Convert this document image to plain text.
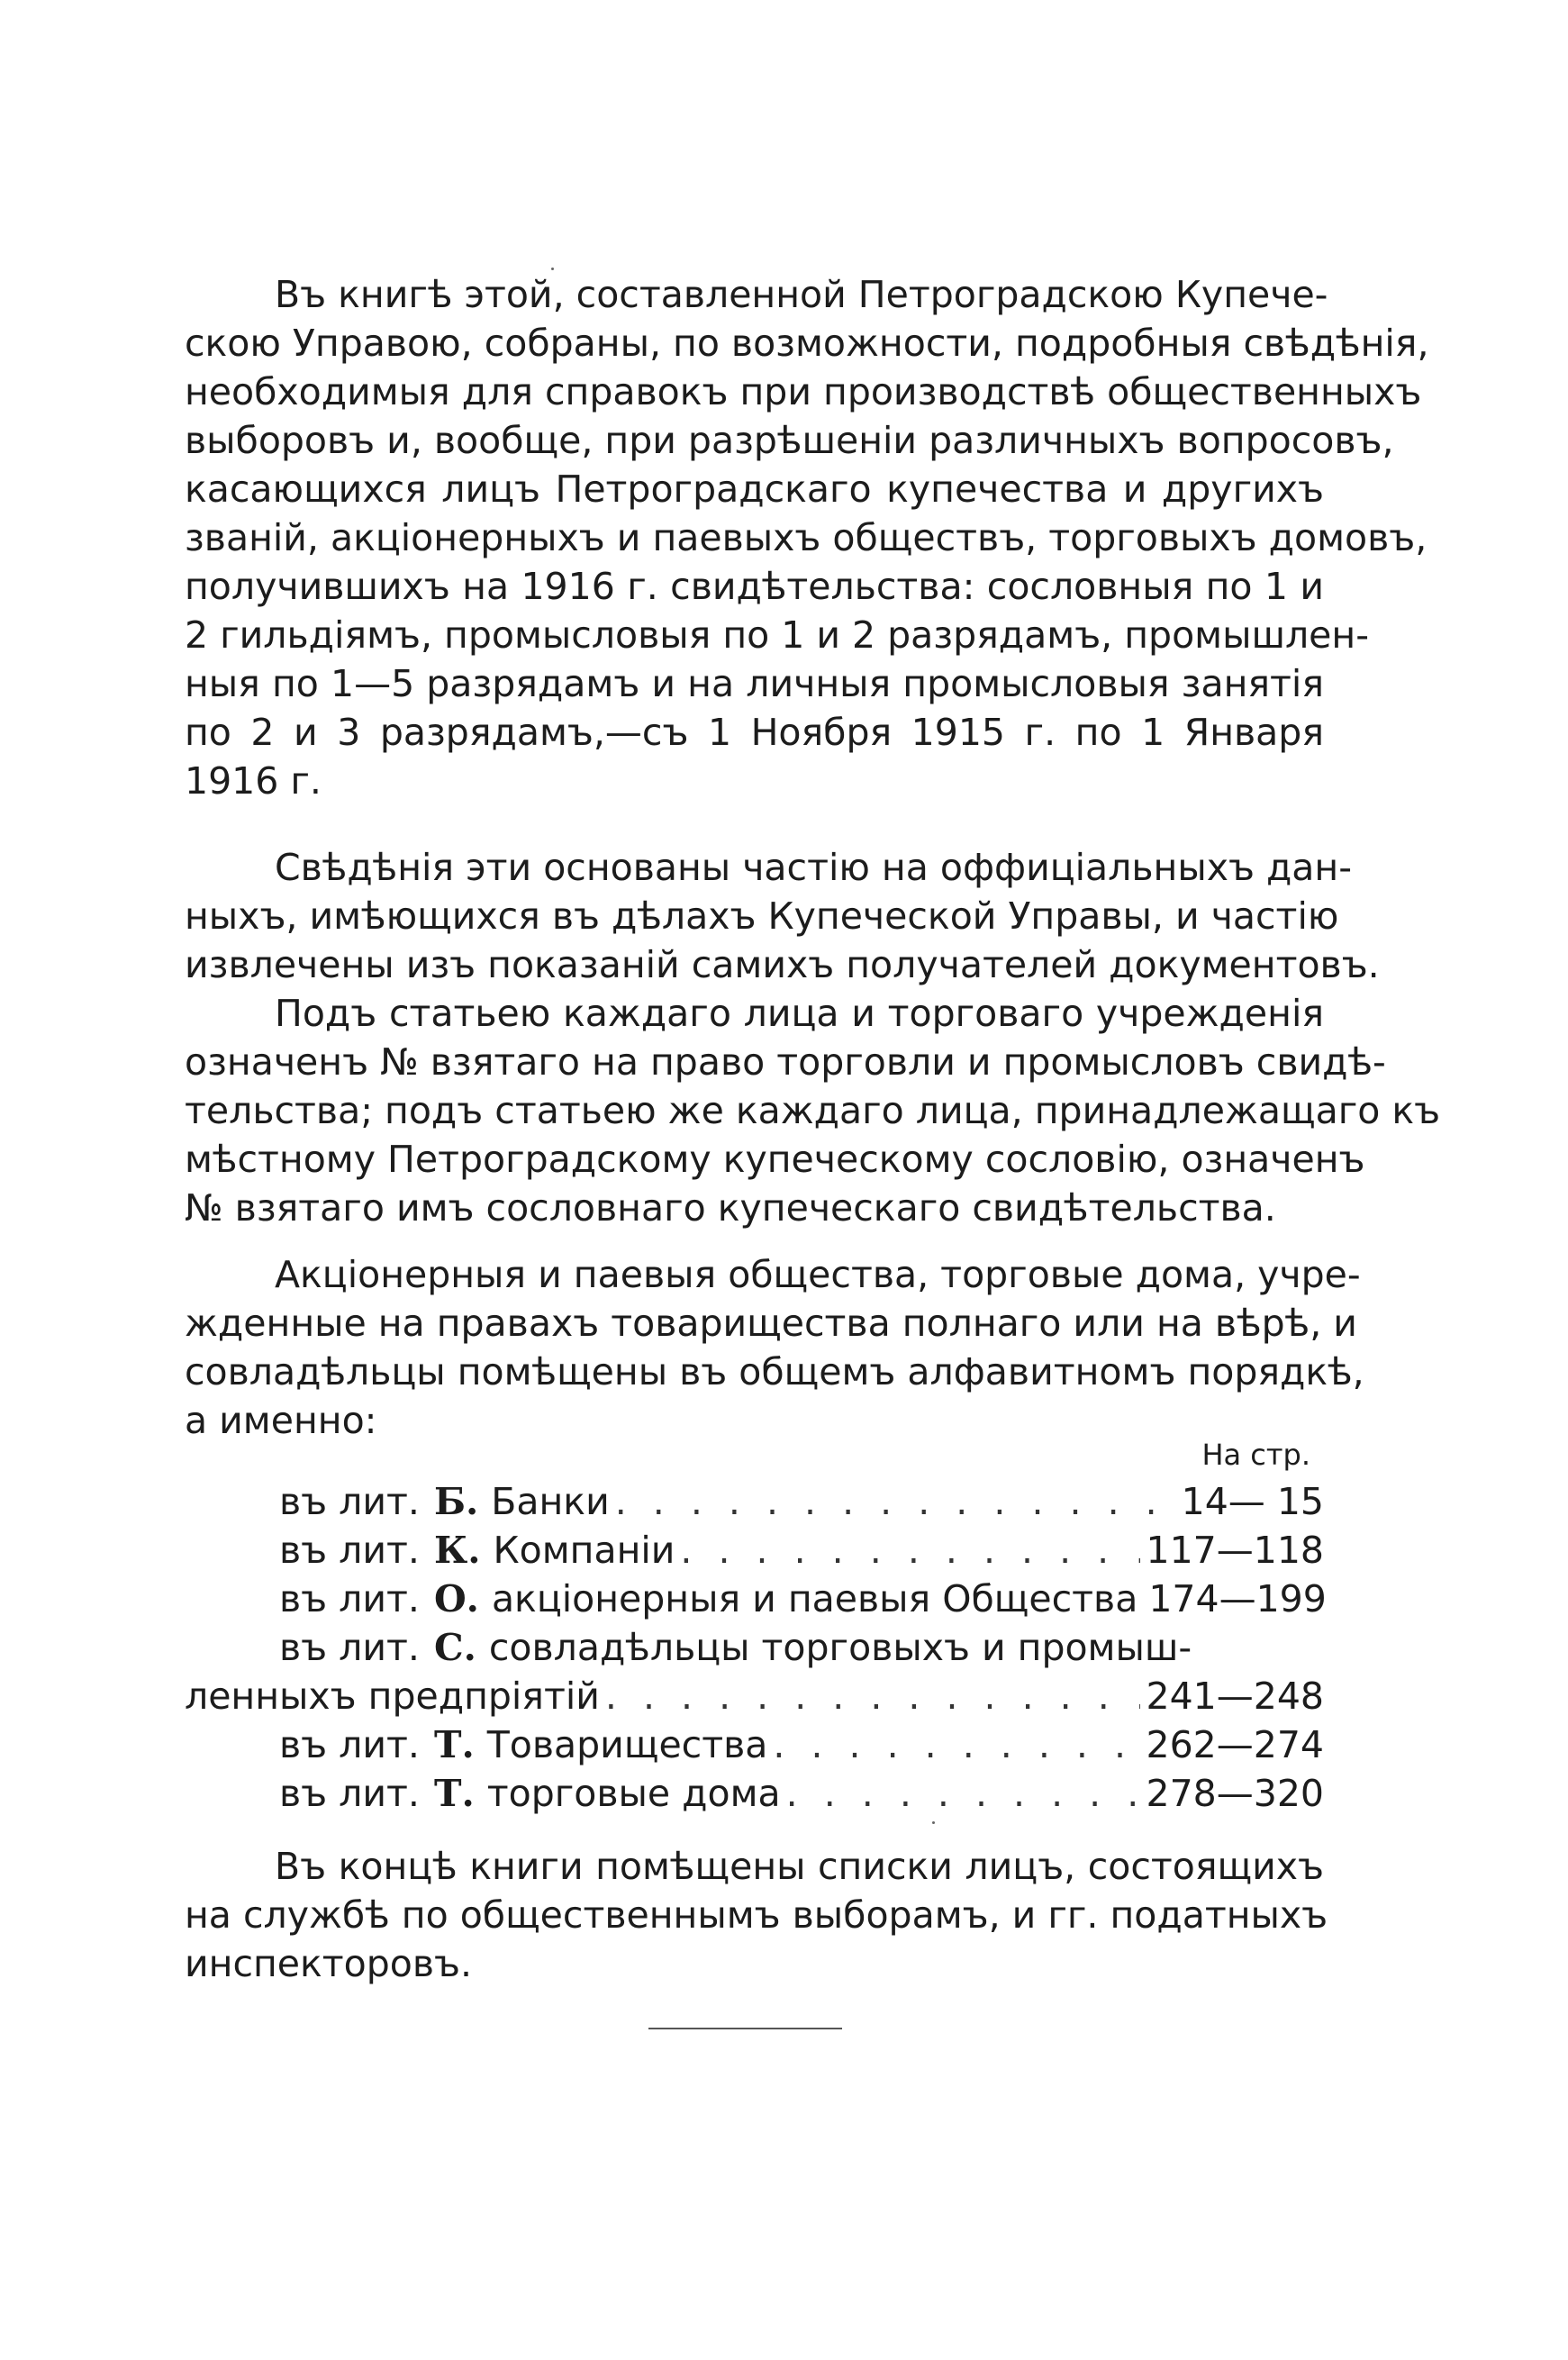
Въ книгѣ этой, составленной Петроградскою Купече-
скою Управою, собраны, по возможности, подробныя свѣдѣнія,
необходимыя для справокъ при производствѣ общественныхъ
выборовъ и, вообще, при разрѣшеніи различныхъ вопросовъ,
касающихся лицъ Петроградскаго купечества и другихъ
званій, акціонерныхъ и паевыхъ обществъ, торговыхъ домовъ,
получившихъ на 1916 г. свидѣтельства: сословныя по 1 и
2 гильдіямъ, промысловыя по 1 и 2 разрядамъ, промышлен-
ныя по 1—5 разрядамъ и на личныя промысловыя занятія
по 2 и 3 разрядамъ,—съ 1 Ноября 1915 г. по 1 Января
1916 г.
Свѣдѣнія эти основаны частію на оффиціальныхъ дан-
ныхъ, имѣющихся въ дѣлахъ Купеческой Управы, и частію
извлечены изъ показаній самихъ получателей документовъ.
Подъ статьею каждаго лица и торговаго учрежденія
означенъ № взятаго на право торговли и промысловъ свидѣ-
тельства; подъ статьею же каждаго лица, принадлежащаго къ
мѣстному Петроградскому купеческому сословію, означенъ
№ взятаго имъ сословнаго купеческаго свидѣтельства.
Акціонерныя и паевыя общества, торговые дома, учре-
жденные на правахъ товарищества полнаго или на вѣрѣ, и
совладѣльцы помѣщены въ общемъ алфавитномъ порядкѣ,
а именно:
На стр.
въ лит. Б. Банки . . .	14— 15
въ лит. К. Компаніи . . .	117—118
въ лит. О. акціонерныя и паевыя Общества 174—199
въ лит. С. совладѣльцы торговыхъ и промыш-
ленныхъ предпріятій . . .	241—248
въ лит. Т. Товарищества . . .	262—274
въ лит. Т. торговые дома . . .	278—320
Въ концѣ книги помѣщены списки лицъ, состоящихъ
на службѣ по общественнымъ выборамъ, и гг. податныхъ
инспекторовъ.
